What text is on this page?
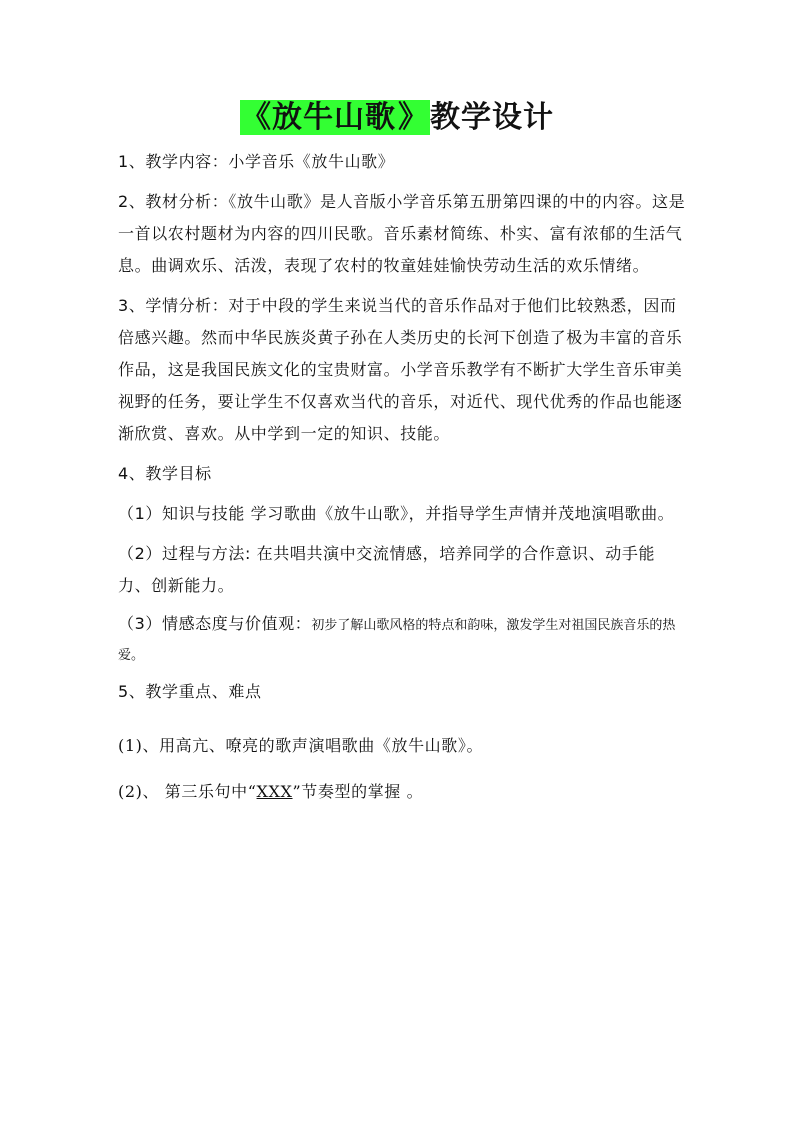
《放牛山歌》教学设计

1、教学内容：小学音乐《放牛山歌》

2、教材分析：《放牛山歌》是人音版小学音乐第五册第四课的中的内容。这是一首以农村题材为内容的四川民歌。音乐素材简练、朴实、富有浓郁的生活气息。曲调欢乐、活泼，表现了农村的牧童娃娃愉快劳动生活的欢乐情绪。

3、学情分析：对于中段的学生来说当代的音乐作品对于他们比较熟悉，因而倍感兴趣。然而中华民族炎黄子孙在人类历史的长河下创造了极为丰富的音乐作品，这是我国民族文化的宝贵财富。小学音乐教学有不断扩大学生音乐审美视野的任务，要让学生不仅喜欢当代的音乐，对近代、现代优秀的作品也能逐渐欣赏、喜欢。从中学到一定的知识、技能。

4、教学目标

（1）知识与技能 学习歌曲《放牛山歌》，并指导学生声情并茂地演唱歌曲。

（2）过程与方法: 在共唱共演中交流情感，培养同学的合作意识、动手能力、创新能力。

（3）情感态度与价值观：初步了解山歌风格的特点和韵味，激发学生对祖国民族音乐的热爱。

5、教学重点、难点

(1)、用高亢、嘹亮的歌声演唱歌曲《放牛山歌》。

(2)、 第三乐句中“XXX”节奏型的掌握 。
